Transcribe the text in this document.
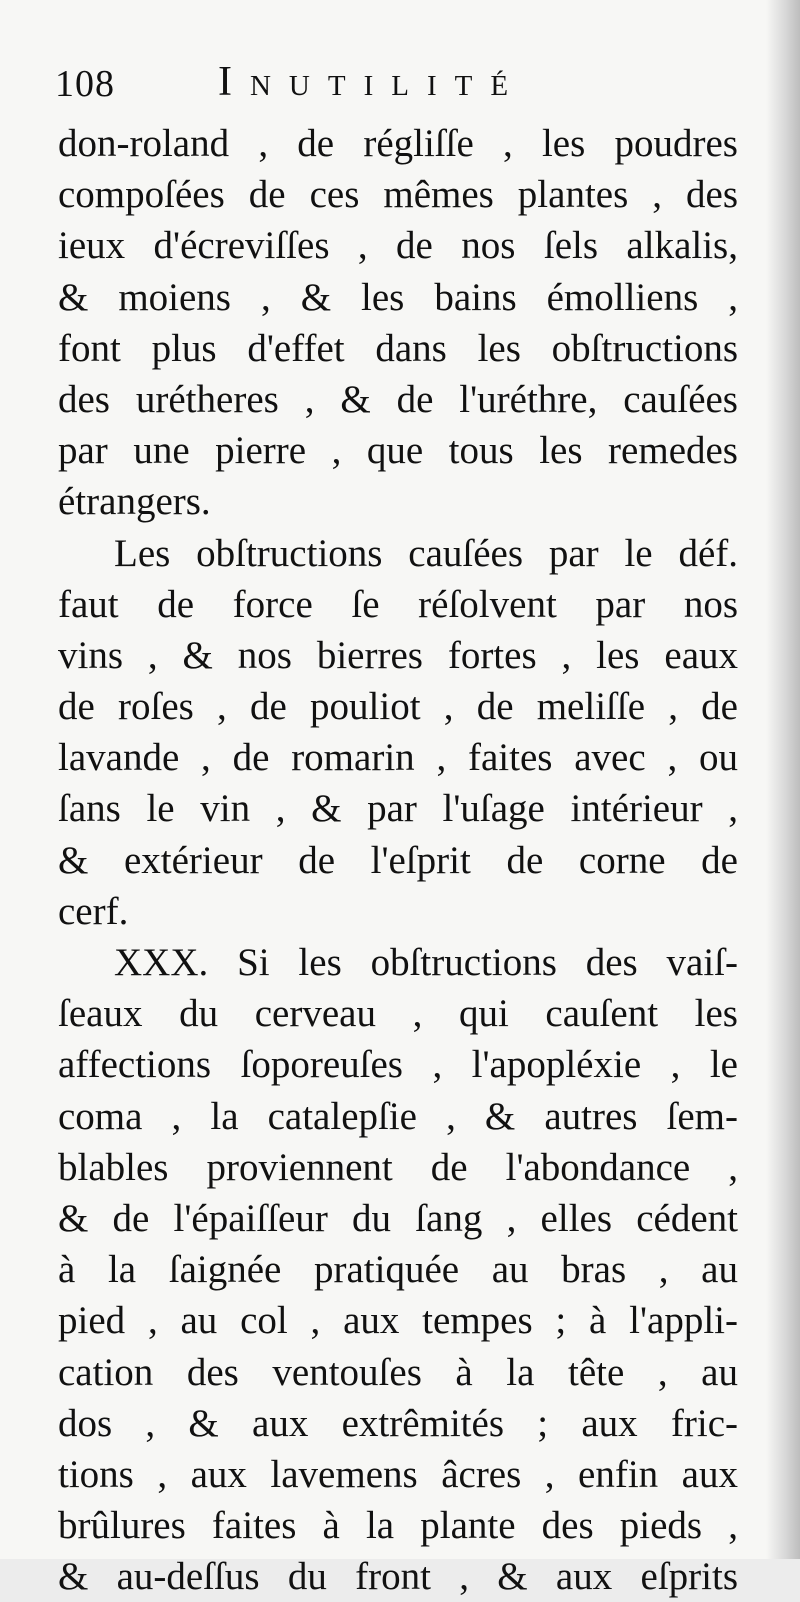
108 Inutilité
don-roland , de régliſſe , les poudres
compoſées de ces mêmes plantes , des
ieux d'écreviſſes , de nos ſels alkalis,
& moiens , & les bains émolliens ,
font plus d'effet dans les obſtructions
des urétheres , & de l'uréthre, cauſées
par une pierre , que tous les remedes
étrangers.
Les obſtructions cauſées par le déf.
faut de force ſe réſolvent par nos
vins , & nos bierres fortes , les eaux
de roſes , de pouliot , de meliſſe , de
lavande , de romarin , faites avec , ou
ſans le vin , & par l'uſage intérieur ,
& extérieur de l'eſprit de corne de
cerf.
XXX. Si les obſtructions des vaiſ-
ſeaux du cerveau , qui cauſent les
affections ſoporeuſes , l'apopléxie , le
coma , la catalepſie , & autres ſem-
blables proviennent de l'abondance ,
& de l'épaiſſeur du ſang , elles cédent
à la ſaignée pratiquée au bras , au
pied , au col , aux tempes ; à l'appli-
cation des ventouſes à la tête , au
dos , & aux extrêmités ; aux fric-
tions , aux lavemens âcres , enfin aux
brûlures faites à la plante des pieds ,
& au-deſſus du front , & aux eſprits
